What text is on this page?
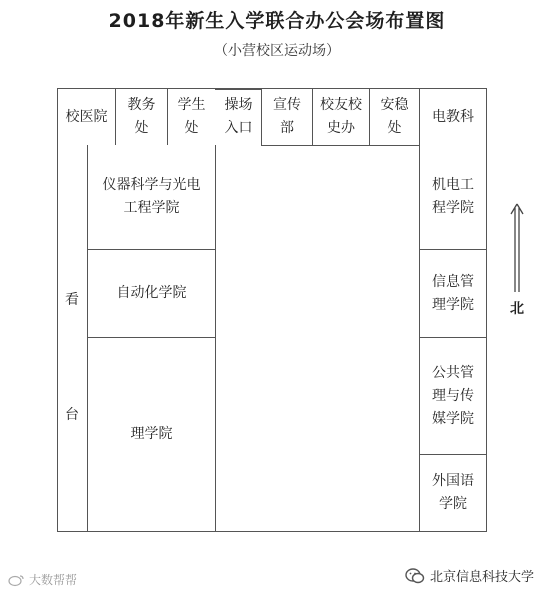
2018年新生入学联合办公会场布置图
（小营校区运动场）
校医院
教务
处
学生
处
操场
入口
宣传
部
校友校
史办
安稳
处
电教科
看
台
仪器科学与光电
工程学院
自动化学院
理学院
机电工
程学院
信息管
理学院
公共管
理与传
媒学院
外国语
学院
北
大数帮帮	北京信息科技大学
